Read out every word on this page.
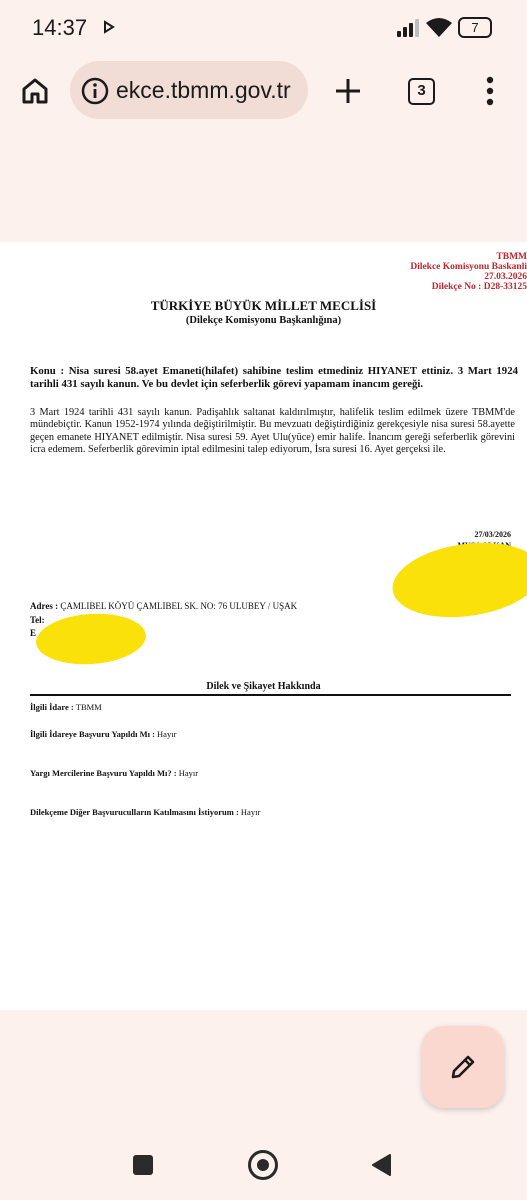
14:37	7
ekce.tbmm.gov.tr	3
TBMM
Dilekce Komisyonu Baskanli
27.03.2026
Dilekçe No : D28-33125
TÜRKİYE BÜYÜK MİLLET MECLİSİ
(Dilekçe Komisyonu Başkanlığına)
Konu : Nisa suresi 58.ayet Emaneti(hilafet) sahibine teslim etmediniz HIYANET ettiniz. 3 Mart 1924 tarihli 431 sayılı kanun. Ve bu devlet için seferberlik görevi yapamam inancım gereği.
3 Mart 1924 tarihli 431 sayılı kanun. Padişahlık saltanat kaldırılmıştır, halifelik teslim edilmek üzere TBMM'de mündebiçtir. Kanun 1952-1974 yılında değiştirilmiştir. Bu mevzuatı değiştirdiğiniz gerekçesiyle nisa suresi 58.ayette geçen emanete HIYANET edilmiştir. Nisa suresi 59. Ayet Ulu(yüce) emir halife. İnancım gereği seferberlik görevini icra edemem. Seferberlik görevimin iptal edilmesini talep ediyorum, İsra suresi 16. Ayet gerçeksi ile.
27/03/2026
Adres : ÇAMLIBEL KÖYÜ ÇAMLIBEL SK. NO: 76 ULUBEY / UŞAK
Tel:
E
Dilek ve Şikayet Hakkında
İlgili İdare : TBMM
İlgili İdareye Başvuru Yapıldı Mı : Hayır
Yargı Mercilerine Başvuru Yapıldı Mı? : Hayır
Dilekçeme Diğer Başvuruculların Katılmasını İstiyorum : Hayır
